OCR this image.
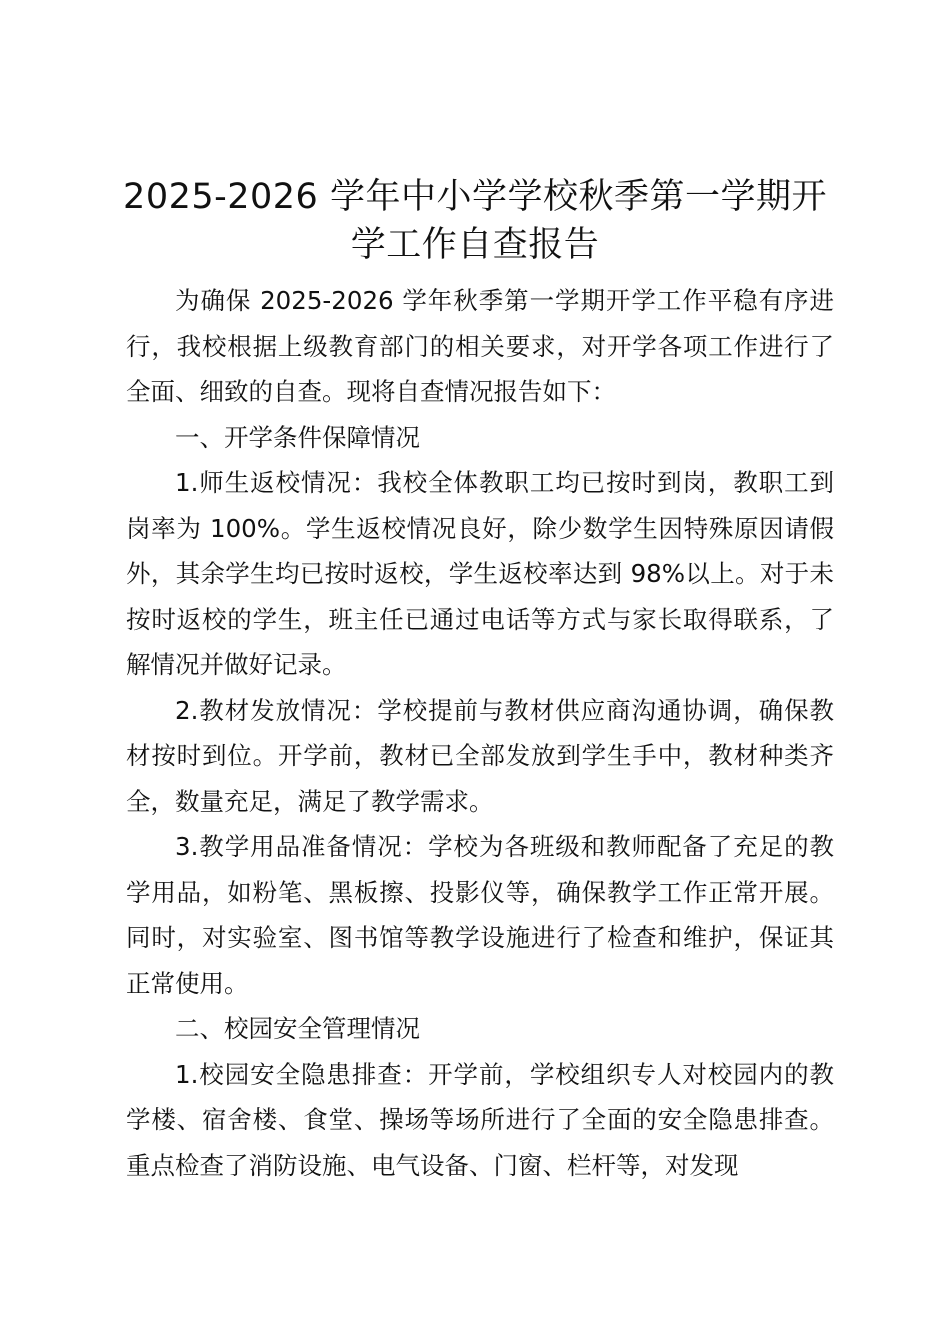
2025-2026 学年中小学学校秋季第一学期开学工作自查报告

为确保 2025-2026 学年秋季第一学期开学工作平稳有序进行，我校根据上级教育部门的相关要求，对开学各项工作进行了全面、细致的自查。现将自查情况报告如下：

一、开学条件保障情况

1.师生返校情况：我校全体教职工均已按时到岗，教职工到岗率为 100%。学生返校情况良好，除少数学生因特殊原因请假外，其余学生均已按时返校，学生返校率达到 98%以上。对于未按时返校的学生，班主任已通过电话等方式与家长取得联系，了解情况并做好记录。

2.教材发放情况：学校提前与教材供应商沟通协调，确保教材按时到位。开学前，教材已全部发放到学生手中，教材种类齐全，数量充足，满足了教学需求。

3.教学用品准备情况：学校为各班级和教师配备了充足的教学用品，如粉笔、黑板擦、投影仪等，确保教学工作正常开展。同时，对实验室、图书馆等教学设施进行了检查和维护，保证其正常使用。

二、校园安全管理情况

1.校园安全隐患排查：开学前，学校组织专人对校园内的教学楼、宿舍楼、食堂、操场等场所进行了全面的安全隐患排查。重点检查了消防设施、电气设备、门窗、栏杆等，对发现
